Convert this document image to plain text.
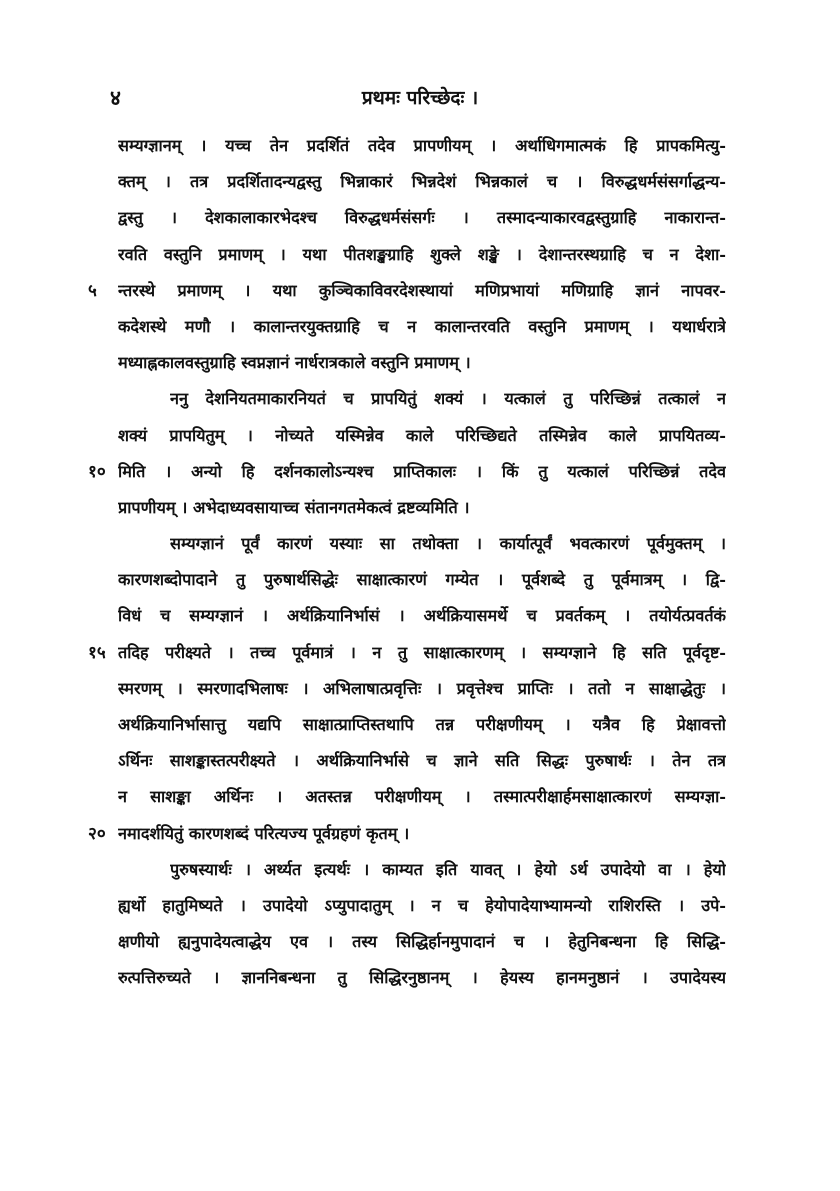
४	प्रथमः परिच्छेदः ।
सम्यग्ज्ञानम् । यच्च तेन प्रदर्शितं तदेव प्रापणीयम् । अर्थाधिगमात्मकं हि प्रापकमित्यु-
क्तम् । तत्र प्रदर्शितादन्यद्वस्तु भिन्नाकारं भिन्नदेशं भिन्नकालं च । विरुद्धधर्मसंसर्गाद्धन्य-
द्वस्तु । देशकालाकारभेदश्च विरुद्धधर्मसंसर्गः । तस्मादन्याकारवद्वस्तुग्राहि नाकारान्त-
रवति वस्तुनि प्रमाणम् । यथा पीतशङ्खग्राहि शुक्ले शङ्खे । देशान्तरस्थग्राहि च न देशा-
५	न्तरस्थे प्रमाणम् । यथा कुञ्चिकाविवरदेशस्थायां मणिप्रभायां मणिग्राहि ज्ञानं नापवर-
कदेशस्थे मणौ । कालान्तरयुक्तग्राहि च न कालान्तरवति वस्तुनि प्रमाणम् । यथार्धरात्रे
मध्याह्नकालवस्तुग्राहि स्वप्नज्ञानं नार्धरात्रकाले वस्तुनि प्रमाणम् ।
ननु देशनियतमाकारनियतं च प्रापयितुं शक्यं । यत्कालं तु परिच्छिन्नं तत्कालं न
शक्यं प्रापयितुम् । नोच्यते यस्मिन्नेव काले परिच्छिद्यते तस्मिन्नेव काले प्रापयितव्य-
१० मिति । अन्यो हि दर्शनकालोऽन्यश्च प्राप्तिकालः । किं तु यत्कालं परिच्छिन्नं तदेव
प्रापणीयम् । अभेदाध्यवसायाच्च संतानगतमेकत्वं द्रष्टव्यमिति ।
सम्यग्ज्ञानं पूर्वं कारणं यस्याः सा तथोक्ता । कार्यात्पूर्वं भवत्कारणं पूर्वमुक्तम् ।
कारणशब्दोपादाने तु पुरुषार्थसिद्धेः साक्षात्कारणं गम्येत । पूर्वशब्दे तु पूर्वमात्रम् । द्वि-
विधं च सम्यग्ज्ञानं । अर्थक्रियानिर्भासं । अर्थक्रियासमर्थे च प्रवर्तकम् । तयोर्यत्प्रवर्तकं
१५ तदिह परीक्ष्यते । तच्च पूर्वमात्रं । न तु साक्षात्कारणम् । सम्यग्ज्ञाने हि सति पूर्वदृष्ट-
स्मरणम् । स्मरणादभिलाषः । अभिलाषात्प्रवृत्तिः । प्रवृत्तेश्च प्राप्तिः । ततो न साक्षाद्धेतुः ।
अर्थक्रियानिर्भासात्तु यद्यपि साक्षात्प्राप्तिस्तथापि तन्न परीक्षणीयम् । यत्रैव हि प्रेक्षावत्तो
ऽर्थिनः साशङ्कास्तत्परीक्ष्यते । अर्थक्रियानिर्भासे च ज्ञाने सति सिद्धः पुरुषार्थः । तेन तत्र
न साशङ्का अर्थिनः । अतस्तन्न परीक्षणीयम् । तस्मात्परीक्षार्हमसाक्षात्कारणं सम्यग्ज्ञा-
२० नमादर्शयितुं कारणशब्दं परित्यज्य पूर्वग्रहणं कृतम् ।
पुरुषस्यार्थः । अर्थ्यत इत्यर्थः । काम्यत इति यावत् । हेयो ऽर्थ उपादेयो वा । हेयो
ह्यर्थो हातुमिष्यते । उपादेयो ऽप्युपादातुम् । न च हेयोपादेयाभ्यामन्यो राशिरस्ति । उपे-
क्षणीयो ह्यनुपादेयत्वाद्धेय एव । तस्य सिद्धिर्हानमुपादानं च । हेतुनिबन्धना हि सिद्धि-
रुत्पत्तिरुच्यते । ज्ञाननिबन्धना तु सिद्धिरनुष्ठानम् । हेयस्य हानमनुष्ठानं । उपादेयस्य
